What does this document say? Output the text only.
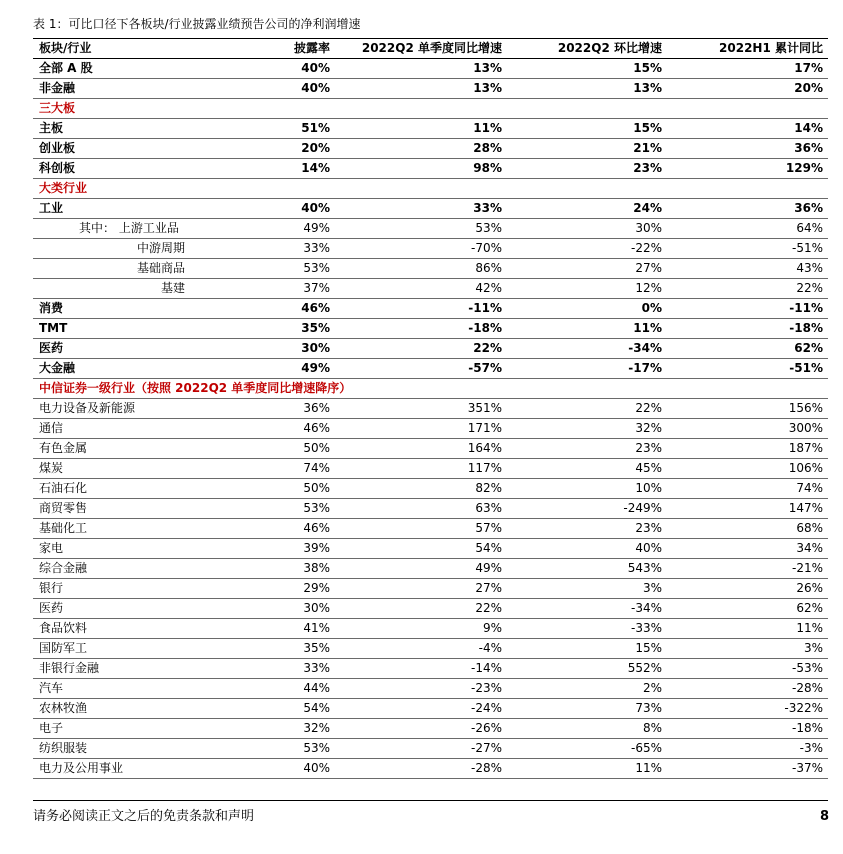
表 1：可比口径下各板块/行业披露业绩预告公司的净利润增速
板块/行业	披露率	2022Q2 单季度同比增速	2022Q2 环比增速	2022H1 累计同比
全部 A 股	40%	13%	15%	17%
非金融	40%	13%	13%	20%
三大板
主板	51%	11%	15%	14%
创业板	20%	28%	21%	36%
科创板	14%	98%	23%	129%
大类行业
工业	40%	33%	24%	36%
其中： 上游工业品	49%	53%	30%	64%
中游周期	33%	-70%	-22%	-51%
基础商品	53%	86%	27%	43%
基建	37%	42%	12%	22%
消费	46%	-11%	0%	-11%
TMT	35%	-18%	11%	-18%
医药	30%	22%	-34%	62%
大金融	49%	-57%	-17%	-51%
中信证券一级行业（按照 2022Q2 单季度同比增速降序）
电力设备及新能源	36%	351%	22%	156%
通信	46%	171%	32%	300%
有色金属	50%	164%	23%	187%
煤炭	74%	117%	45%	106%
石油石化	50%	82%	10%	74%
商贸零售	53%	63%	-249%	147%
基础化工	46%	57%	23%	68%
家电	39%	54%	40%	34%
综合金融	38%	49%	543%	-21%
银行	29%	27%	3%	26%
医药	30%	22%	-34%	62%
食品饮料	41%	9%	-33%	11%
国防军工	35%	-4%	15%	3%
非银行金融	33%	-14%	552%	-53%
汽车	44%	-23%	2%	-28%
农林牧渔	54%	-24%	73%	-322%
电子	32%	-26%	8%	-18%
纺织服装	53%	-27%	-65%	-3%
电力及公用事业	40%	-28%	11%	-37%
请务必阅读正文之后的免责条款和声明	8
